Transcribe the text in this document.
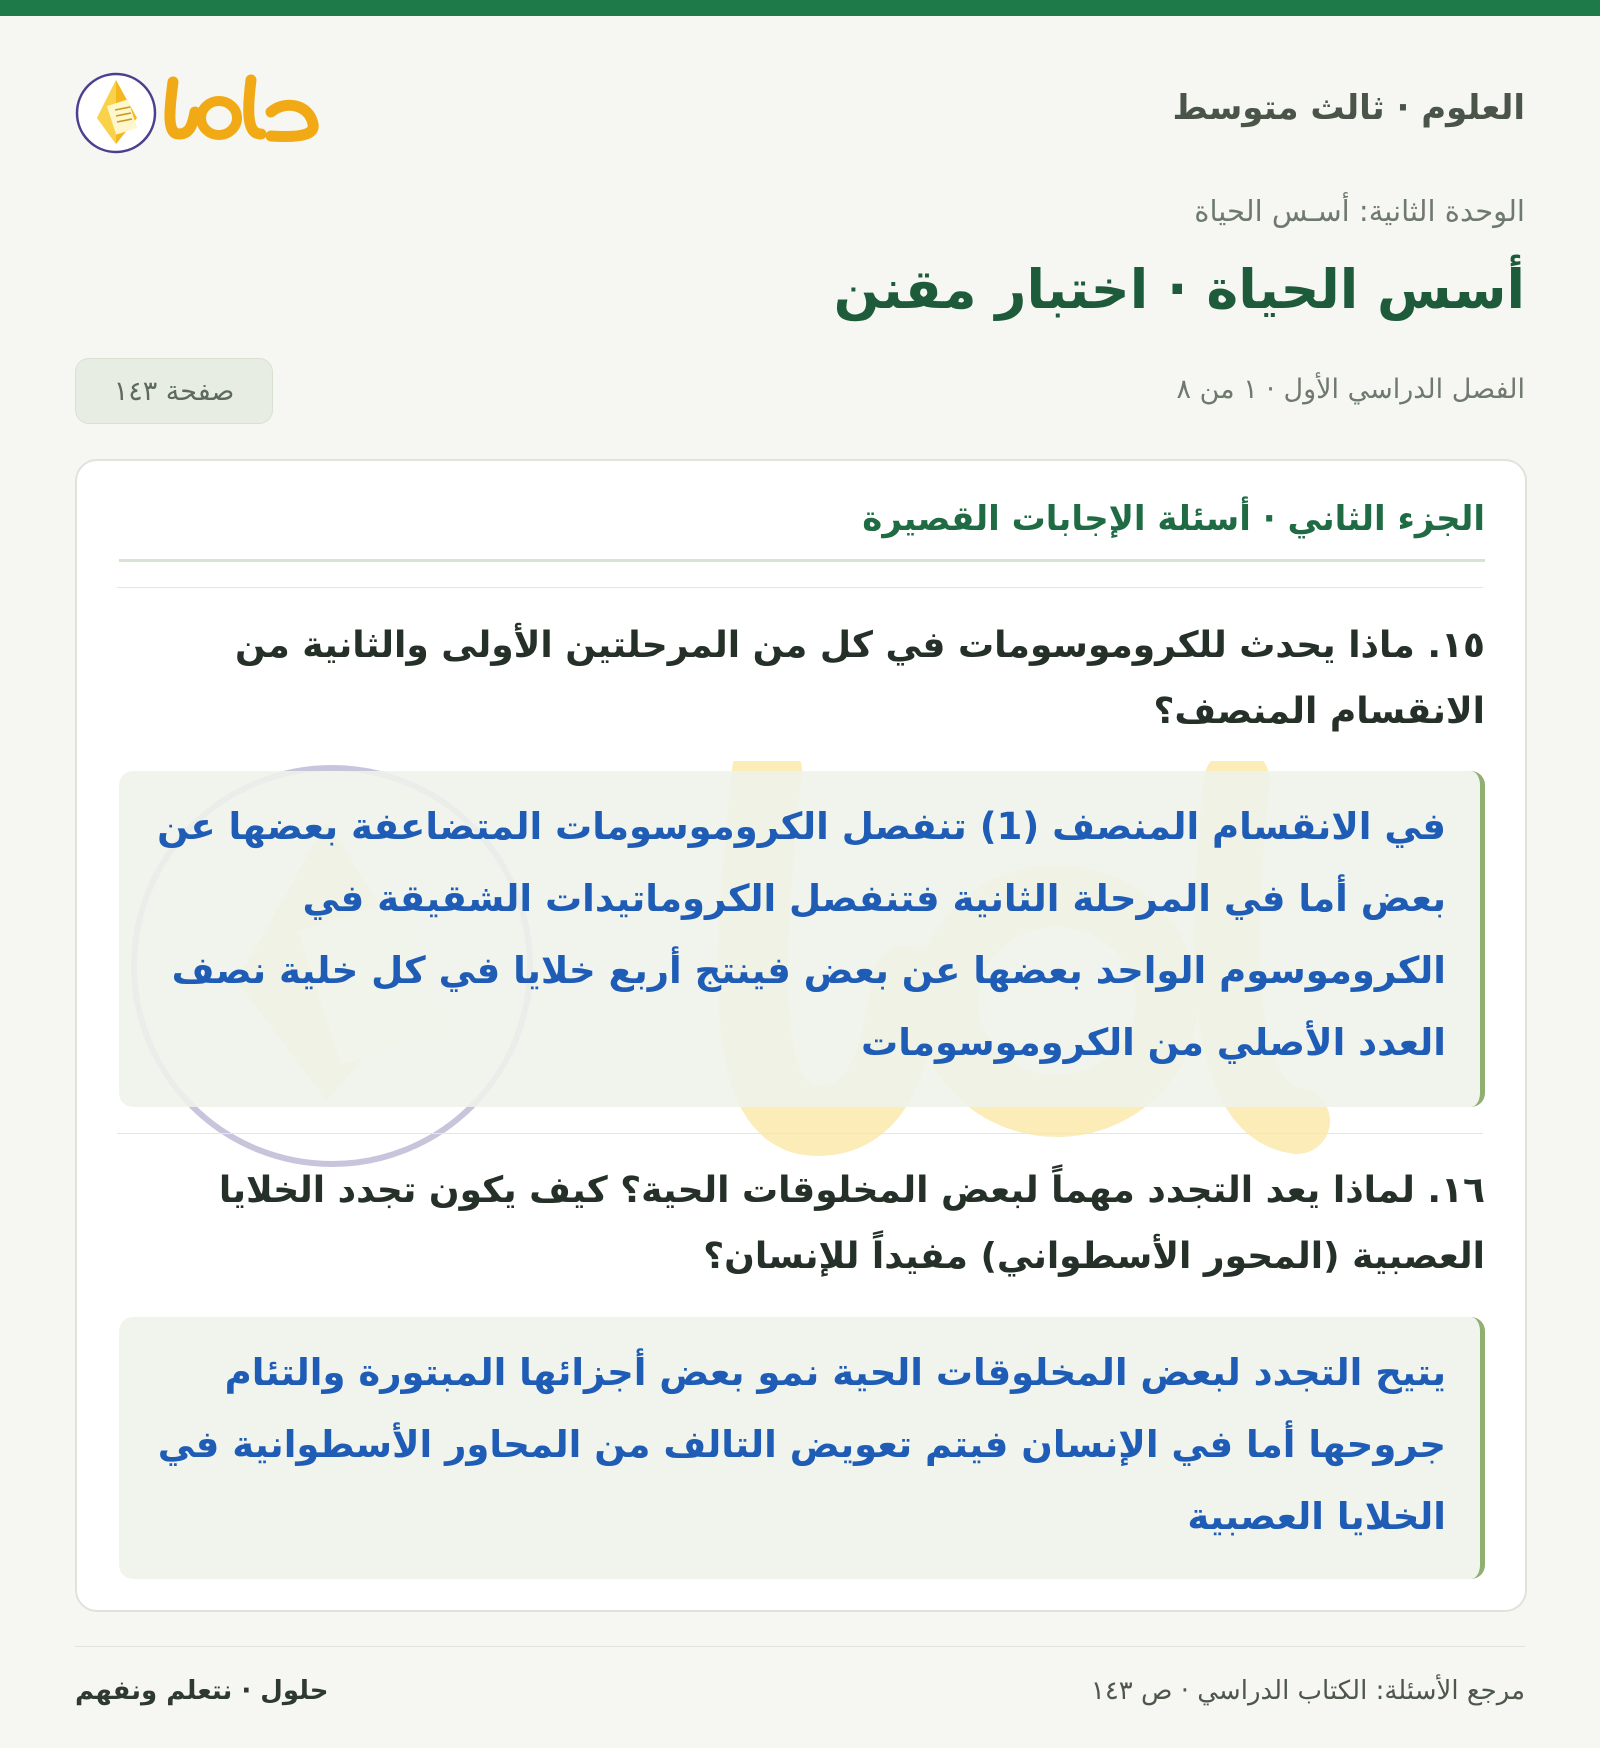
العلوم · ثالث متوسط
الوحدة الثانية: أسـس الحياة
أسس الحياة · اختبار مقنن
الفصل الدراسي الأول · ١ من ٨
صفحة ١٤٣
الجزء الثاني · أسئلة الإجابات القصيرة
١٥. ماذا يحدث للكروموسومات في كل من المرحلتين الأولى والثانية من الانقسام المنصف؟
في الانقسام المنصف (1) تنفصل الكروموسومات المتضاعفة بعضها عن بعض أما في المرحلة الثانية فتنفصل الكروماتيدات الشقيقة في الكروموسوم الواحد بعضها عن بعض فينتج أربع خلايا في كل خلية نصف العدد الأصلي من الكروموسومات
١٦. لماذا يعد التجدد مهماً لبعض المخلوقات الحية؟ كيف يكون تجدد الخلايا العصبية (المحور الأسطواني) مفيداً للإنسان؟
يتيح التجدد لبعض المخلوقات الحية نمو بعض أجزائها المبتورة والتئام جروحها أما في الإنسان فيتم تعويض التالف من المحاور الأسطوانية في الخلايا العصبية
مرجع الأسئلة: الكتاب الدراسي · ص ١٤٣
حلول · نتعلم ونفهم
